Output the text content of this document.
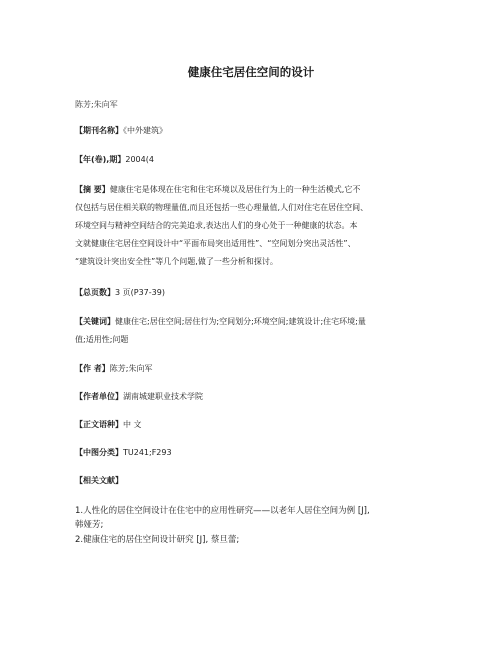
健康住宅居住空间的设计
陈芳;朱向军
【期刊名称】《中外建筑》
【年(卷),期】2004(4
【摘 要】健康住宅是体现在住宅和住宅环境以及居住行为上的一种生活模式,它不
仅包括与居住相关联的物理量值,而且还包括一些心理量值,人们对住宅在居住空间、
环境空间与精神空间结合的完美追求,表达出人们的身心处于一种健康的状态。本
文就健康住宅居住空间设计中“平面布局突出适用性”、“空间划分突出灵活性”、
“建筑设计突出安全性”等几个问题,做了一些分析和探讨。
【总页数】3 页(P37-39)
【关键词】健康住宅;居住空间;居住行为;空间划分;环境空间;建筑设计;住宅环境;量
值;适用性;问题
【作 者】陈芳;朱向军
【作者单位】湖南城建职业技术学院
【正文语种】中 文
【中图分类】TU241;F293
【相关文献】
1.人性化的居住空间设计在住宅中的应用性研究——以老年人居住空间为例 [J],
韩娅芳;
2.健康住宅的居住空间设计研究 [J], 蔡旦蕾;
